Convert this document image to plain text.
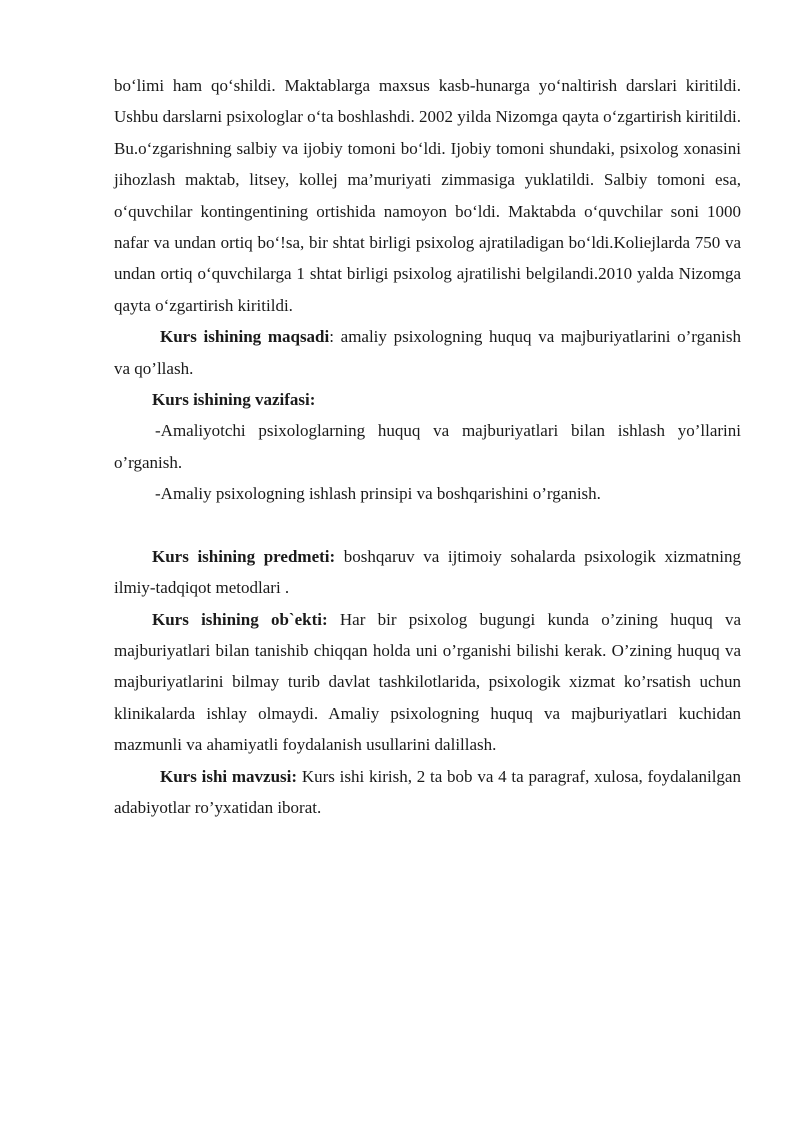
bo‘limi ham qo‘shildi. Maktablarga maxsus kasb-hunarga yo‘naltirish darslari kiritildi. Ushbu darslarni psixologlar o‘ta boshlashdi. 2002 yilda Nizomga qayta o‘zgartirish kiritildi. Bu.o‘zgarishning salbiy va ijobiy tomoni bo‘ldi. Ijobiy tomoni shundaki, psixolog xonasini jihozlash maktab, litsey, kollej ma’muriyati zimmasiga yuklatildi. Salbiy tomoni esa, o‘quvchilar kontingentining ortishida namoyon bo‘ldi. Maktabda o‘quvchilar soni 1000 nafar va undan ortiq bo‘!sa, bir shtat birligi psixolog ajratiladigan bo‘ldi.Koliejlarda 750 va undan ortiq o‘quvchilarga 1 shtat birligi psixolog ajratilishi belgilandi.2010 yalda Nizomga qayta o‘zgartirish kiritildi.

Kurs ishining maqsadi: amaliy psixologning huquq va majburiyatlarini o’rganish va qo’llash.

Kurs ishining vazifasi:

-Amaliyotchi psixologlarning huquq va majburiyatlari bilan ishlash yo’llarini o’rganish.

-Amaliy psixologning ishlash prinsipi va boshqarishini o’rganish.

Kurs ishining predmeti: boshqaruv va ijtimoiy sohalarda psixologik xizmatning ilmiy-tadqiqot metodlari .

Kurs ishining ob`ekti: Har bir psixolog bugungi kunda o’zining huquq va majburiyatlari bilan tanishib chiqqan holda uni o’rganishi bilishi kerak. O’zining huquq va majburiyatlarini bilmay turib davlat tashkilotlarida, psixologik xizmat ko’rsatish uchun klinikalarda ishlay olmaydi. Amaliy psixologning huquq va majburiyatlari kuchidan mazmunli va ahamiyatli foydalanish usullarini dalillash.

Kurs ishi mavzusi: Kurs ishi kirish, 2 ta bob va 4 ta paragraf, xulosa, foydalanilgan adabiyotlar ro’yxatidan iborat.
